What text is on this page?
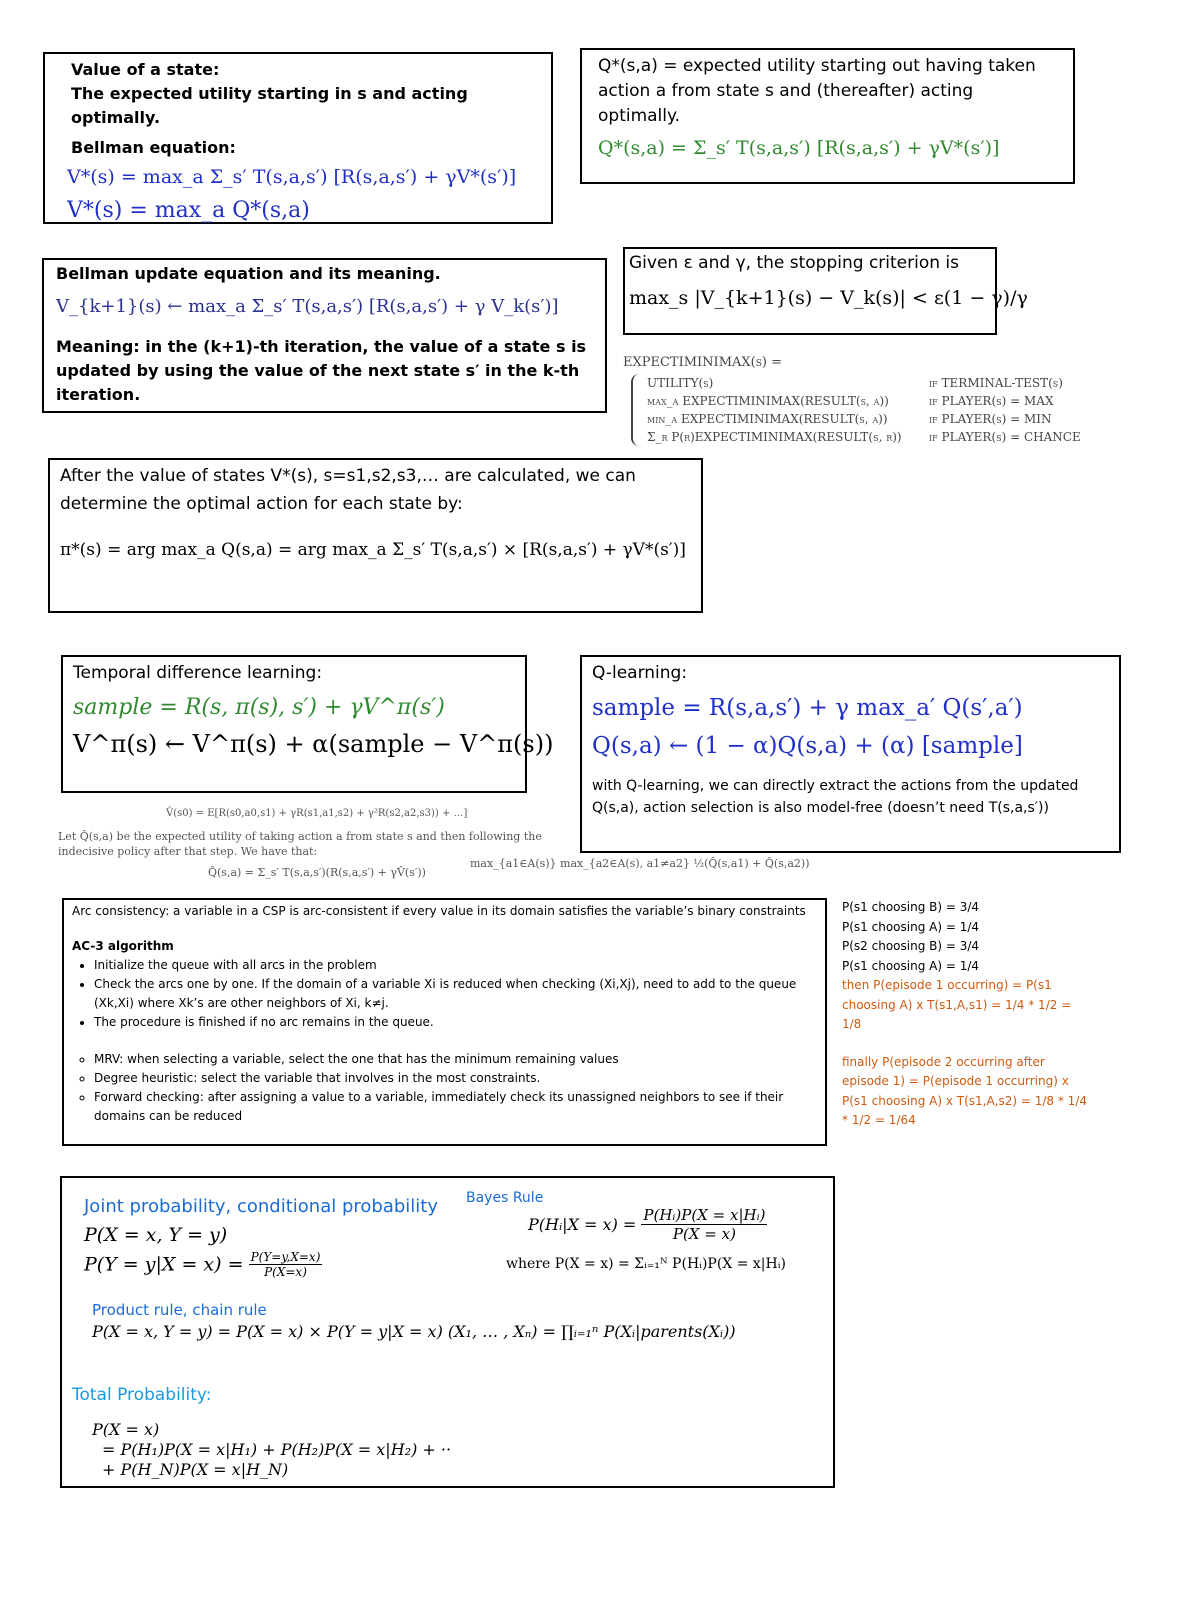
Value of a state:
The expected utility starting in s and acting optimally.
Bellman equation:
V*(s) = max_a Σ_s′ T(s,a,s′) [R(s,a,s′) + γV*(s′)]
V*(s) = max_a Q*(s,a)
Q*(s,a) = expected utility starting out having taken action a from state s and (thereafter) acting optimally.
Q*(s,a) = Σ_s′ T(s,a,s′) [R(s,a,s′) + γV*(s′)]
Bellman update equation and its meaning.
V_{k+1}(s) ← max_a Σ_s′ T(s,a,s′) [R(s,a,s′) + γ V_k(s′)]
Meaning: in the (k+1)-th iteration, the value of a state s is updated by using the value of the next state s′ in the k-th iteration.
Given ε and γ, the stopping criterion is
max_s |V_{k+1}(s) − V_k(s)| < ε(1 − γ)/γ
EXPECTIMINIMAX(s) =
UTILITY(s)	if TERMINAL-TEST(s)
max_a EXPECTIMINIMAX(RESULT(s, a))	if PLAYER(s) = MAX
min_a EXPECTIMINIMAX(RESULT(s, a))	if PLAYER(s) = MIN
Σ_r P(r)EXPECTIMINIMAX(RESULT(s, r))	if PLAYER(s) = CHANCE
After the value of states V*(s), s=s1,s2,s3,… are calculated, we can determine the optimal action for each state by:
π*(s) = arg max_a Q(s,a) = arg max_a Σ_s′ T(s,a,s′) × [R(s,a,s′) + γV*(s′)]
Temporal difference learning:
sample = R(s, π(s), s′) + γV^π(s′)
V^π(s) ← V^π(s) + α(sample − V^π(s))
Q-learning:
sample = R(s,a,s′) + γ max_a′ Q(s′,a′)
Q(s,a) ← (1 − α)Q(s,a) + (α) [sample]
with Q-learning, we can directly extract the actions from the updated Q(s,a), action selection is also model-free (doesn’t need T(s,a,s′))
V̂(s0) = E[R(s0,a0,s1) + γR(s1,a1,s2) + γ²R(s2,a2,s3)) + …]
Let Q̂(s,a) be the expected utility of taking action a from state s and then following the indecisive policy after that step. We have that:
Q̂(s,a) = Σ_s′ T(s,a,s′)(R(s,a,s′) + γV̂(s′))
max_{a1∈A(s)} max_{a2∈A(s), a1≠a2} ½(Q̂(s,a1) + Q̂(s,a2))
Arc consistency: a variable in a CSP is arc-consistent if every value in its domain satisfies the variable’s binary constraints
AC-3 algorithm
• Initialize the queue with all arcs in the problem
• Check the arcs one by one. If the domain of a variable Xi is reduced when checking (Xi,Xj), need to add to the queue (Xk,Xi) where Xk’s are other neighbors of Xi, k≠j.
• The procedure is finished if no arc remains in the queue.
◦ MRV: when selecting a variable, select the one that has the minimum remaining values
◦ Degree heuristic: select the variable that involves in the most constraints.
◦ Forward checking: after assigning a value to a variable, immediately check its unassigned neighbors to see if their domains can be reduced
P(s1 choosing B) = 3/4
P(s1 choosing A) = 1/4
P(s2 choosing B) = 3/4
P(s1 choosing A) = 1/4
then P(episode 1 occurring) = P(s1 choosing A) x T(s1,A,s1) = 1/4 * 1/2 = 1/8
finally P(episode 2 occurring after episode 1) = P(episode 1 occurring) x P(s1 choosing A) x T(s1,A,s2) = 1/8 * 1/4 * 1/2 = 1/64
Joint probability, conditional probability
P(X = x, Y = y)
$P(Y = y|X = x) = \frac{P(Y=y,X=x)}{P(X=x)}$
Bayes Rule
P(Hᵢ|X = $x) = \frac{\text{P(Hᵢ)P(X = x|Hᵢ)}}{P(X = x)}$
where P(X = x) = Σᵢ₌₁ᴺ P(Hᵢ)P(X = x|Hᵢ)
Product rule, chain rule
P(X = x, Y = y) = P(X = x) × P(Y = y|X = x) (X₁, … , Xₙ) = ∏ᵢ₌₁ⁿ P(Xᵢ|parents(Xᵢ))
Total Probability:
P(X = x)
= P(H₁)P(X = x|H₁) + P(H₂)P(X = x|H₂) + ··
+ P(H_N)P(X = x|H_N)
